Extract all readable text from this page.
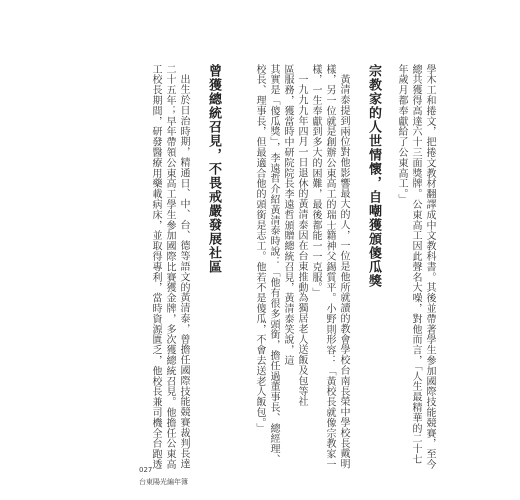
學木工和捲文，把捲文教材翻譯成中文教科書。其後並帶著學生參加國際技能競賽，至今
總共獲得高達六十三面獎牌。公東高工因此聲名大噪，對他而言，「人生最精華的二十七
年歲月都奉獻給了公東高工。」
宗教家的人世情懷，自嘲獲頒傻瓜獎
黃清泰提到兩位對他影響最大的人，一位是他所就讀的教會學校台南長榮中學校長戴明
樣，另一位就是創辦公東高工的瑞士籍神父錫質平。小野則形容：「黃校長就像宗教家一
樣，一生奉獻到多大的困難，最後都能一一克服。」
一九九九年四月一日退休的黃清泰因在台東推動為獨居老人送飯及包等社
區服務，獲當時中研院院長李遠哲頒贈總統召見，黃清泰笑說，這
其實是「傻瓜獎」，李遠哲介紹黃清泰時說：「他有很多頭銜，擔任過董事長、總經理、
校長、理事長，但最適合他的頭銜是志工。他若不是傻瓜，不會去送老人飯包。」
曾獲總統召見，不畏戒嚴發展社區
出生於日治時期，精通日、中、台、德等語文的黃清泰，曾擔任國際技能競賽裁判長達
二十五年；早年帶領公東高工學生參加國際比賽獲金牌，多次獲總統召見。他擔任公東高
工校長期間，研發醫療用藥載病床，並取得專利，當時資源匱乏，他校長兼司機全台跑透
027
台東陽光編年簿
